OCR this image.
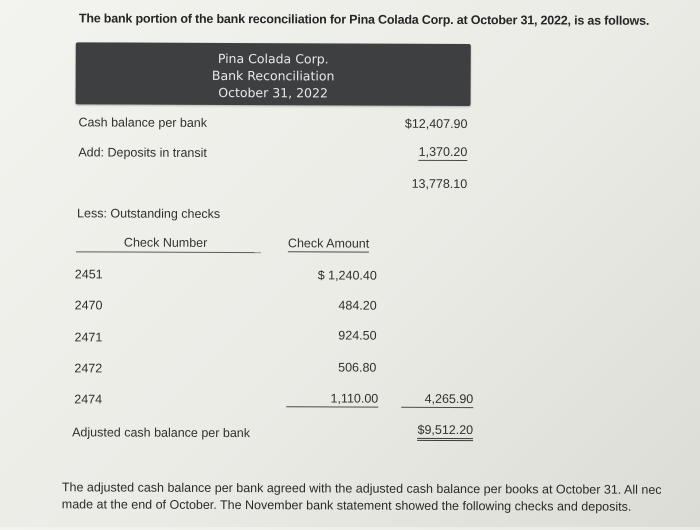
The bank portion of the bank reconciliation for Pina Colada Corp. at October 31, 2022, is as follows.
Pina Colada Corp.
Bank Reconciliation
October 31, 2022
Cash balance per bank	$12,407.90
Add: Deposits in transit	1,370.20
13,778.10
Less: Outstanding checks
Check Number	Check Amount
2451	$ 1,240.40
2470	484.20
2471	924.50
2472	506.80
2474	1,110.00	4,265.90
Adjusted cash balance per bank	$9,512.20
The adjusted cash balance per bank agreed with the adjusted cash balance per books at October 31. All nec
made at the end of October. The November bank statement showed the following checks and deposits.
